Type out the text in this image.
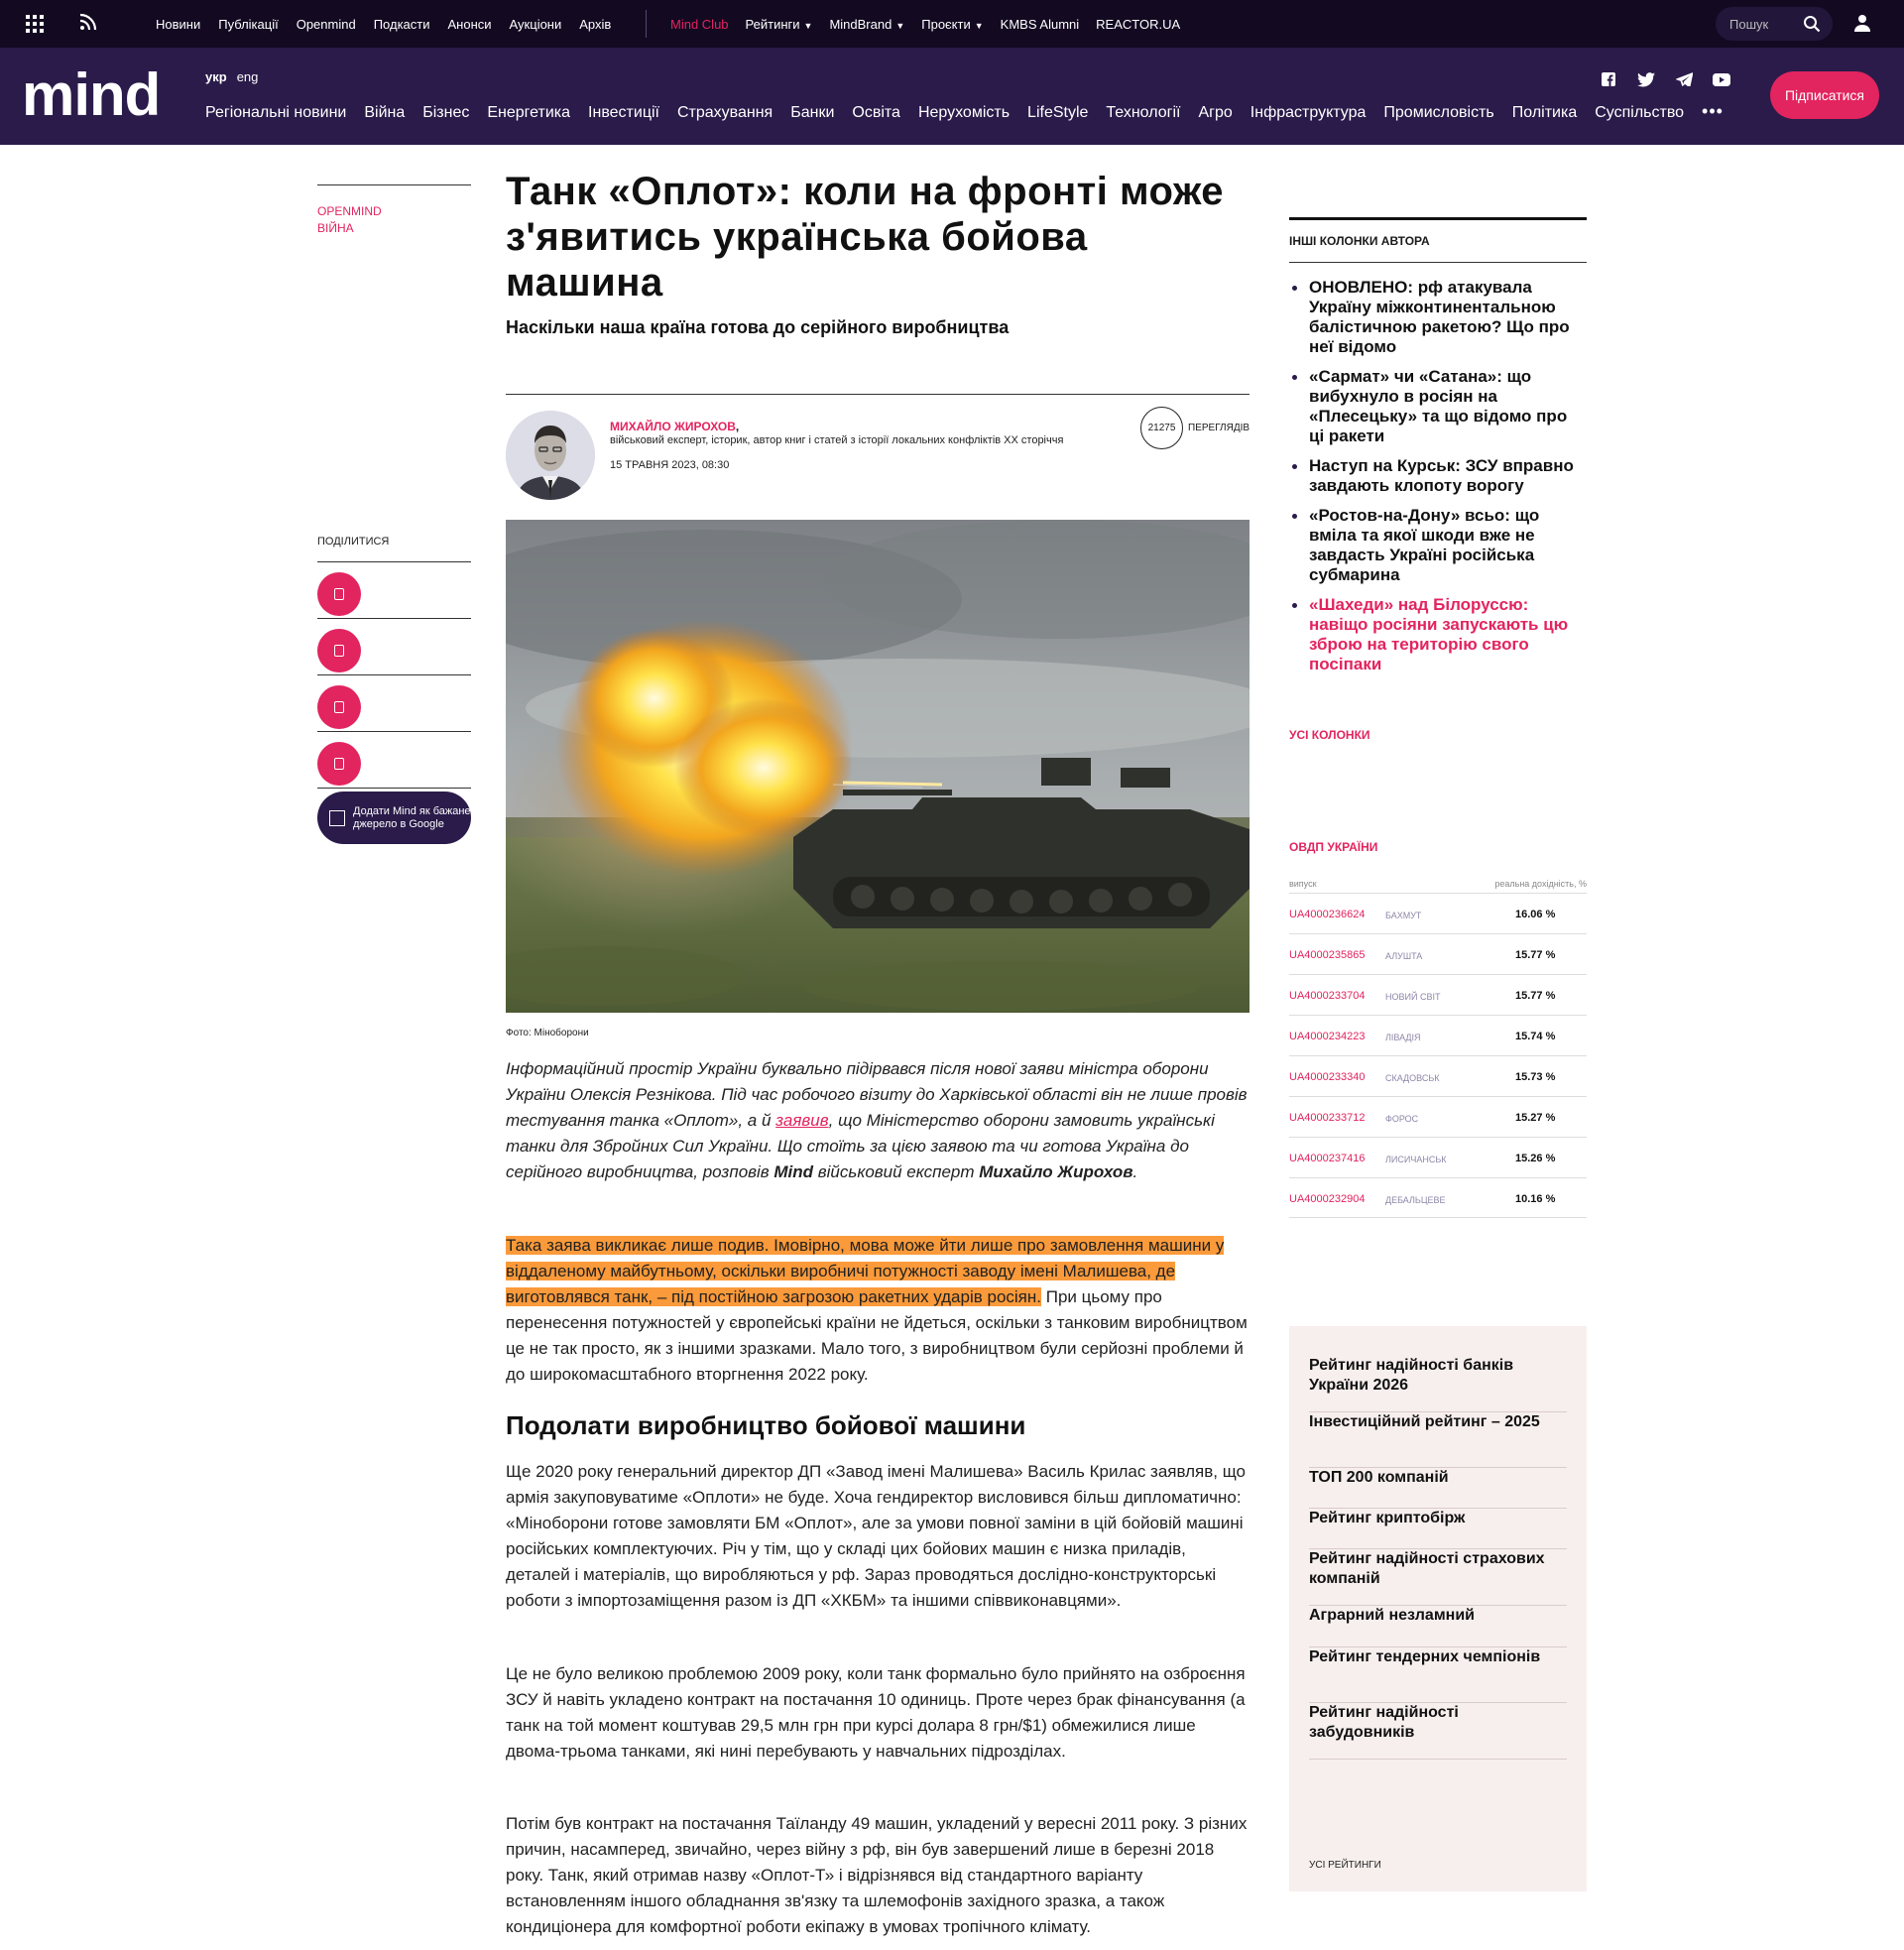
Новини Публікації Openmind Подкасти Анонси Аукціони Архів	Mind Club Рейтинги ▼ MindBrand ▼ Проєкти ▼ KMBS Alumni REACTOR.UA	Пошук
mind	укр eng
Регіональні новини Війна Бізнес Енергетика Інвестиції Страхування Банки Освіта Нерухомість LifeStyle Технології Агро Інфраструктура Промисловість Політика Суспільство •••
Підписатися
OPENMIND
ВІЙНА
ПОДІЛИТИСЯ
Додати Mind як бажане джерело в Google
Танк «Оплот»: коли на фронті може з'явитись українська бойова машина
Наскільки наша країна готова до серійного виробництва
МИХАЙЛО ЖИРОХОВ,
військовий експерт, історик, автор книг і статей з історії локальних конфліктів ХХ сторіччя
15 ТРАВНЯ 2023, 08:30
21275	ПЕРЕГЛЯДІВ
Фото: Міноборони
Інформаційний простір України буквально підірвався після нової заяви міністра оборони України Олексія Резнікова. Під час робочого візиту до Харківської області він не лише провів тестування танка «Оплот», а й заявив, що Міністерство оборони замовить українські танки для Збройних Сил України. Що стоїть за цією заявою та чи готова Україна до серійного виробництва, розповів Mind військовий експерт Михайло Жирохов.
Така заява викликає лише подив. Імовірно, мова може йти лише про замовлення машини у віддаленому майбутньому, оскільки виробничі потужності заводу імені Малишева, де виготовлявся танк, – під постійною загрозою ракетних ударів росіян. При цьому про перенесення потужностей у європейські країни не йдеться, оскільки з танковим виробництвом це не так просто, як з іншими зразками. Мало того, з виробництвом були серйозні проблеми й до широкомасштабного вторгнення 2022 року.
Подолати виробництво бойової машини
Ще 2020 року генеральний директор ДП «Завод імені Малишева» Василь Крилас заявляв, що армія закуповуватиме «Оплоти» не буде. Хоча гендиректор висловився більш дипломатично: «Міноборони готове замовляти БМ «Оплот», але за умови повної заміни в цій бойовій машині російських комплектуючих. Річ у тім, що у складі цих бойових машин є низка приладів, деталей і матеріалів, що виробляються у рф. Зараз проводяться дослідно-конструкторські роботи з імпортозаміщення разом із ДП «ХКБМ» та іншими співвиконавцями».
Це не було великою проблемою 2009 року, коли танк формально було прийнято на озброєння ЗСУ й навіть укладено контракт на постачання 10 одиниць. Проте через брак фінансування (а танк на той момент коштував 29,5 млн грн при курсі долара 8 грн/$1) обмежилися лише двома-трьома танками, які нині перебувають у навчальних підрозділах.
Потім був контракт на постачання Таїланду 49 машин, укладений у вересні 2011 року. З різних причин, насамперед, звичайно, через війну з рф, він був завершений лише в березні 2018 року. Танк, який отримав назву «Оплот-Т» і відрізнявся від стандартного варіанту встановленням іншого обладнання зв'язку та шлемофонів західного зразка, а також кондиціонера для комфортної роботи екіпажу в умовах тропічного клімату.
ІНШІ КОЛОНКИ АВТОРА
ОНОВЛЕНО: рф атакувала Україну міжконтинентальною балістичною ракетою? Що про неї відомо
«Сармат» чи «Сатана»: що вибухнуло в росіян на «Плесецьку» та що відомо про ці ракети
Наступ на Курськ: ЗСУ вправно завдають клопоту ворогу
«Ростов-на-Дону» всьо: що вміла та якої шкоди вже не завдасть Україні російська субмарина
«Шахеди» над Білоруссю: навіщо росіяни запускають цю зброю на територію свого посіпаки
УСІ КОЛОНКИ
ОВДП УКРАЇНИ
випуск	реальна дохідність, %
UA4000236624 БАХМУТ	16.06 %
UA4000235865 АЛУШТА	15.77 %
UA4000233704 НОВИЙ СВІТ	15.77 %
UA4000234223 ЛІВАДІЯ	15.74 %
UA4000233340 СКАДОВСЬК	15.73 %
UA4000233712 ФОРОС	15.27 %
UA4000237416 ЛИСИЧАНСЬК	15.26 %
UA4000232904 ДЕБАЛЬЦЕВЕ	10.16 %
УСІ РЕЙТИНГИ
Рейтинг надійності банків України 2026
Інвестиційний рейтинг – 2025
ТОП 200 компаній
Рейтинг криптобірж
Рейтинг надійності страхових компаній
Аграрний незламний
Рейтинг тендерних чемпіонів
Рейтинг надійності забудовників
